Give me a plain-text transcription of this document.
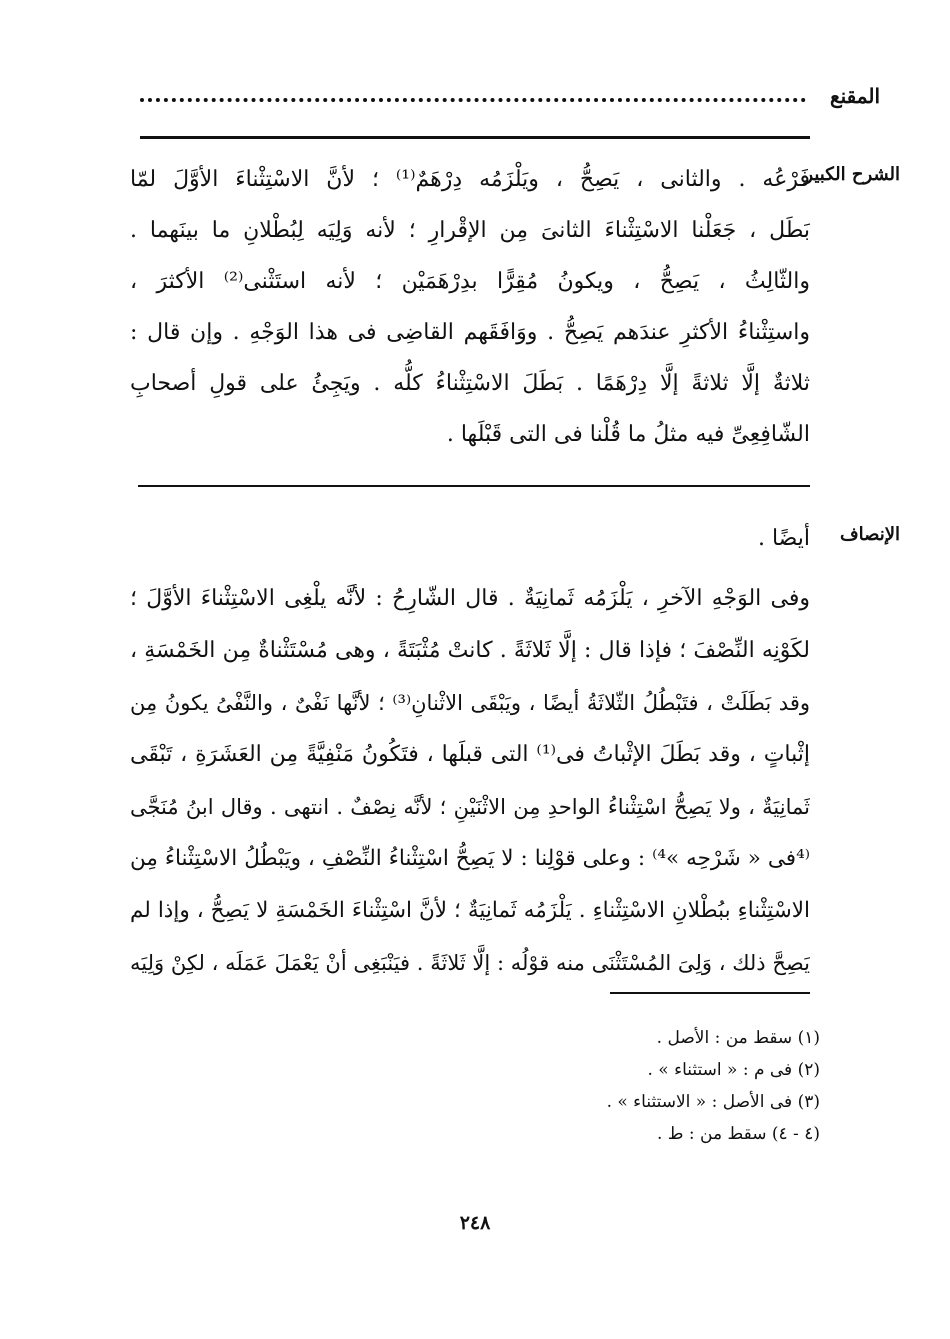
المقنع
الشرح الكبير
فَرْعُه . والثانى ، يَصِحُّ ، ويَلْزَمُه دِرْهَمٌ⁽¹⁾ ؛ لأنَّ الاسْتِثْناءَ الأوَّلَ لمّا
بَطَل ، جَعَلْنا الاسْتِثْناءَ الثانىَ مِن الإقْرارِ ؛ لأنه وَلِيَه لِبُطْلانِ ما بينَهما .
والثّالِثُ ، يَصِحُّ ، ويكونُ مُقِرًّا بدِرْهَمَيْن ؛ لأنه استَثْنى⁽²⁾ الأكثرَ ،
واستِثْناءُ الأكثرِ عندَهم يَصِحُّ . ووَافَقَهم القاضِى فى هذا الوَجْهِ . وإن قال :
ثلاثةٌ إلَّا ثلاثةً إلَّا دِرْهَمًا . بَطَلَ الاسْتِثْناءُ كلُّه . ويَجِئُ على قولِ أصحابِ
الشّافِعِىِّ فيه مثلُ ما قُلْنا فى التى قَبْلَها .
الإنصاف
أيضًا .
وفى الوَجْهِ الآخرِ ، يَلْزَمُه ثَمانِيَةٌ . قال الشّارِحُ : لأنَّه يلْغِى الاسْتِثْناءَ الأوَّلَ ؛
لكَوْنِه النِّصْفَ ؛ فإذا قال : إلَّا ثَلاثَةً . كانتْ مُثْبَتَةً ، وهى مُسْتَثْناةٌ مِن الخَمْسَةِ ،
وقد بَطَلَتْ ، فتَبْطُلُ الثّلاثَةُ أيضًا ، ويَبْقَى الاثْنانِ⁽³⁾ ؛ لأنَّها نَفْىٌ ، والنَّفْىُ يكونُ مِن
إثْباتٍ ، وقد بَطَلَ الإثْباتُ فى⁽¹⁾ التى قبلَها ، فتَكُونُ مَنْفِيَّةً مِن العَشَرَةِ ، تَبْقَى
ثَمانِيَةٌ ، ولا يَصِحُّ اسْتِثْناءُ الواحدِ مِن الاثْنَيْنِ ؛ لأنَّه نِصْفٌ . انتهى . وقال ابنُ مُنَجَّى
⁽⁴فى « شَرْحِه »⁴⁾ : وعلى قوْلِنا : لا يَصِحُّ اسْتِثْناءُ النِّصْفِ ، ويَبْطُلُ الاسْتِثْناءُ مِن
الاسْتِثْناءِ ببُطْلانِ الاسْتِثْناءِ . يَلْزَمُه ثَمانِيَةٌ ؛ لأنَّ اسْتِثْناءَ الخَمْسَةِ لا يَصِحُّ ، وإذا لم
يَصِحَّ ذلك ، وَلِىَ المُسْتَثْنَى منه قوْلُه : إلَّا ثَلاثَةً . فيَنْبَغِى أنْ يَعْمَلَ عَمَلَه ، لكِنْ وَلِيَه
(١) سقط من : الأصل .
(٢) فى م : « استثناء » .
(٣) فى الأصل : « الاستثناء » .
(٤ - ٤) سقط من : ط .
٢٤٨
